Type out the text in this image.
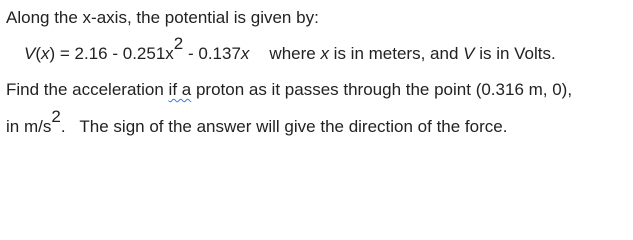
Along the x-axis, the potential is given by:
V(x) = 2.16 - 0.251x2 - 0.137x where x is in meters, and V is in Volts.
Find the acceleration if a proton as it passes through the point (0.316 m, 0),
in m/s2.   The sign of the answer will give the direction of the force.
